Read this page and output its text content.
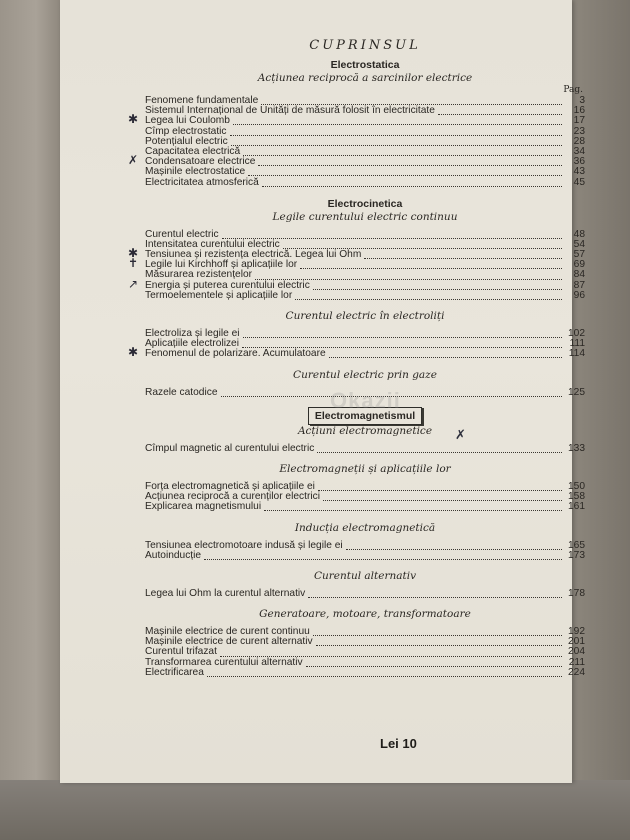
CUPRINSUL
Electrostatica
Acțiunea reciprocă a sarcinilor electrice
Pag.
Fenomene fundamentale	3
Sistemul Internațional de Unități de măsură folosit în electricitate	16
✱ Legea lui Coulomb	17
Cîmp electrostatic	23
Potențialul electric	28
Capacitatea electrică	34
✗ Condensatoare electrice	36
Mașinile electrostatice	43
Electricitatea atmosferică	45
Electrocinetica
Legile curentului electric continuu
Curentul electric	48
Intensitatea curentului electric	54
✱ Tensiunea și rezistența electrică. Legea lui Ohm	57
✝ Legile lui Kirchhoff și aplicațiile lor	69
Măsurarea rezistențelor	84
↗ Energia și puterea curentului electric	87
Termoelementele și aplicațiile lor	96
Curentul electric în electroliți
Electroliza și legile ei	102
Aplicațiile electrolizei	111
✱ Fenomenul de polarizare. Acumulatoare	114
Curentul electric prin gaze
Razele catodice	125
Electromagnetismul
Acțiuni electromagnetice
Cîmpul magnetic al curentului electric	133
Electromagneții și aplicațiile lor
Forța electromagnetică și aplicațiile ei	150
Acțiunea reciprocă a curenților electrici	158
Explicarea magnetismului	161
Inducția electromagnetică
Tensiunea electromotoare indusă și legile ei	165
Autoinducție	173
Curentul alternativ
Legea lui Ohm la curentul alternativ	178
Generatoare, motoare, transformatoare
Mașinile electrice de curent continuu	192
Mașinile electrice de curent alternativ	201
Curentul trifazat	204
Transformarea curentului alternativ	211
Electrificarea	224
Okazii
✗
Lei 10
